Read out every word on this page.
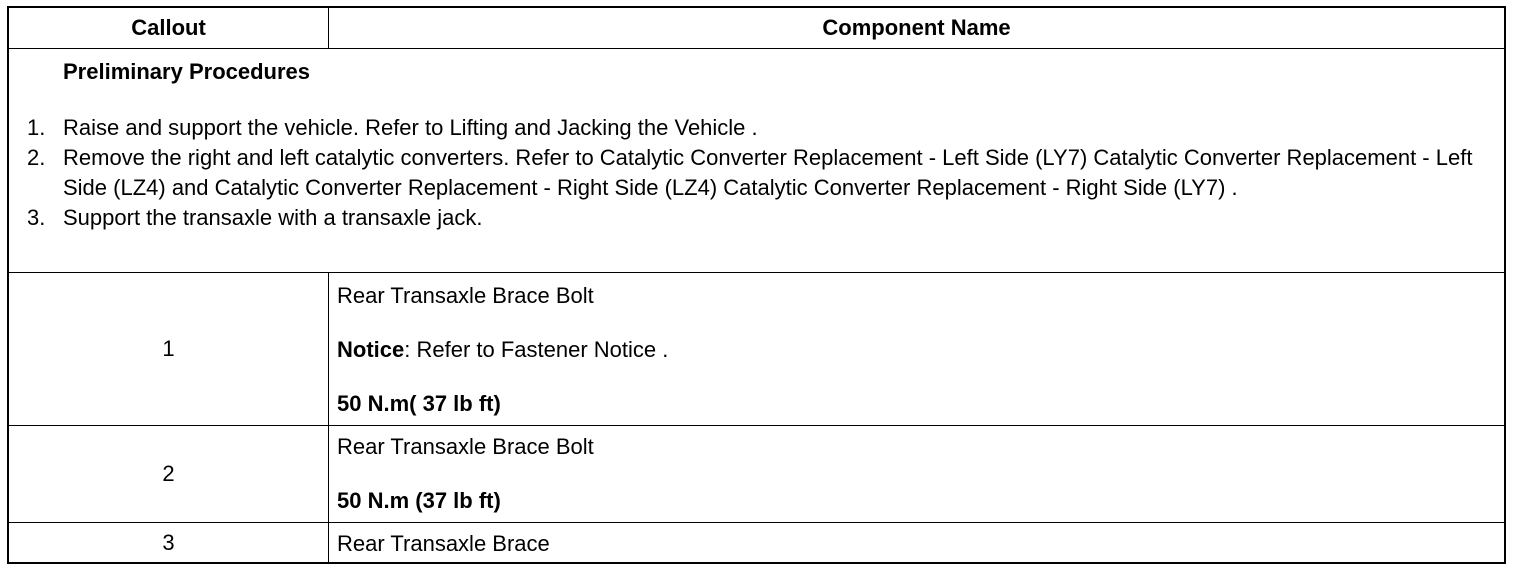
Callout	Component Name
Preliminary Procedures
1. Raise and support the vehicle. Refer to Lifting and Jacking the Vehicle .
2. Remove the right and left catalytic converters. Refer to Catalytic Converter Replacement - Left Side (LY7) Catalytic Converter Replacement - Left Side (LZ4) and Catalytic Converter Replacement - Right Side (LZ4) Catalytic Converter Replacement - Right Side (LY7) .
3. Support the transaxle with a transaxle jack.
1
Rear Transaxle Brace Bolt
Notice: Refer to Fastener Notice .
50 N.m( 37 lb ft)
2
Rear Transaxle Brace Bolt
50 N.m (37 lb ft)
3	Rear Transaxle Brace
